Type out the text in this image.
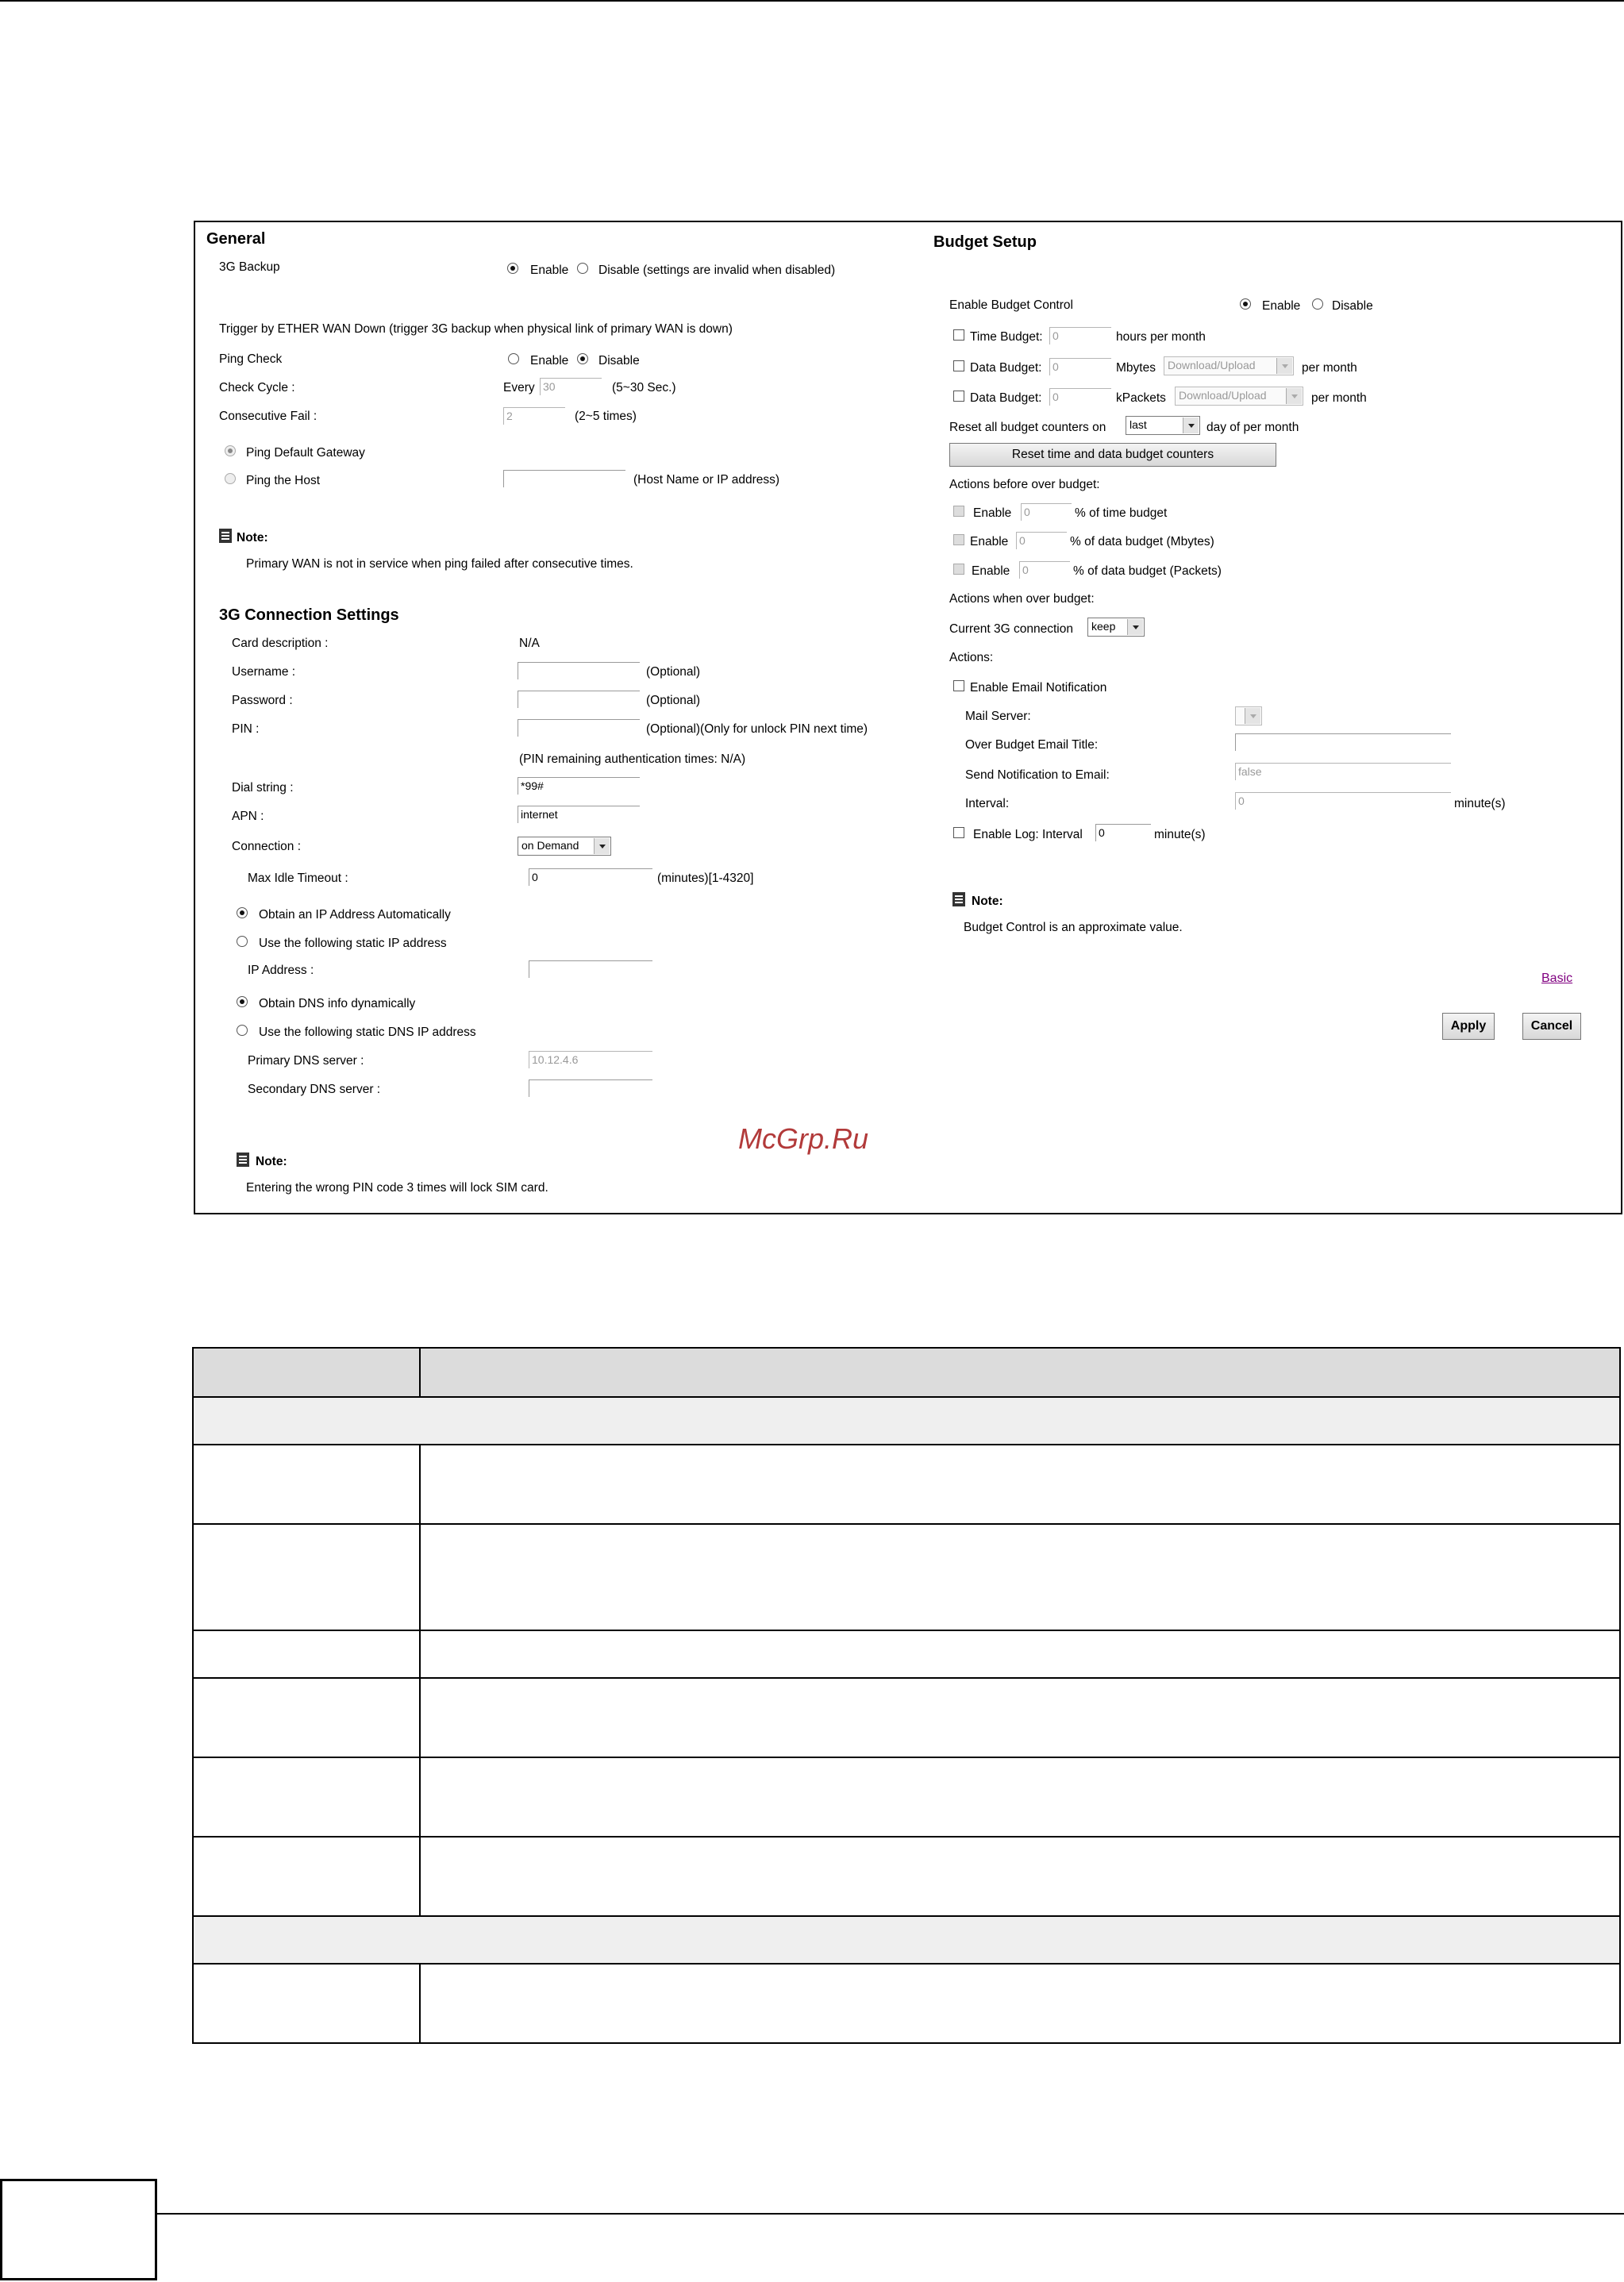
General
3G Backup	Enable Disable (settings are invalid when disabled)
Trigger by ETHER WAN Down (trigger 3G backup when physical link of primary WAN is down)
Ping Check	Enable Disable
Check Cycle :	Every 30	(5~30 Sec.)
Consecutive Fail :	2	(2~5 times)
Ping Default Gateway
Ping the Host	(Host Name or IP address)
Note:
Primary WAN is not in service when ping failed after consecutive times.
3G Connection Settings
Card description :	N/A
Username :	(Optional)
Password :	(Optional)
PIN :	(Optional)(Only for unlock PIN next time)
(PIN remaining authentication times: N/A)
Dial string :	*99#
APN :	internet
Connection :	on Demand
Max Idle Timeout :	0	(minutes)[1-4320]
Obtain an IP Address Automatically
Use the following static IP address
IP Address :
Obtain DNS info dynamically
Use the following static DNS IP address
Primary DNS server :	10.12.4.6
Secondary DNS server :
Note:
Entering the wrong PIN code 3 times will lock SIM card.
McGrp.Ru
Budget Setup
Enable Budget Control	Enable	Disable
Time Budget: 0	hours per month
Data Budget: 0	Mbytes	Download/Upload	per month
Data Budget: 0	kPackets	Download/Upload	per month
Reset all budget counters on	last	day of per month
Reset time and data budget counters
Actions before over budget:
Enable 0	% of time budget
Enable 0	% of data budget (Mbytes)
Enable 0	% of data budget (Packets)
Actions when over budget:
Current 3G connection	keep
Actions:
Enable Email Notification
Mail Server:
Over Budget Email Title:
Send Notification to Email:	false
Interval:	0	minute(s)
Enable Log: Interval 0	minute(s)
Note:
Budget Control is an approximate value.
Basic
Apply	Cancel
